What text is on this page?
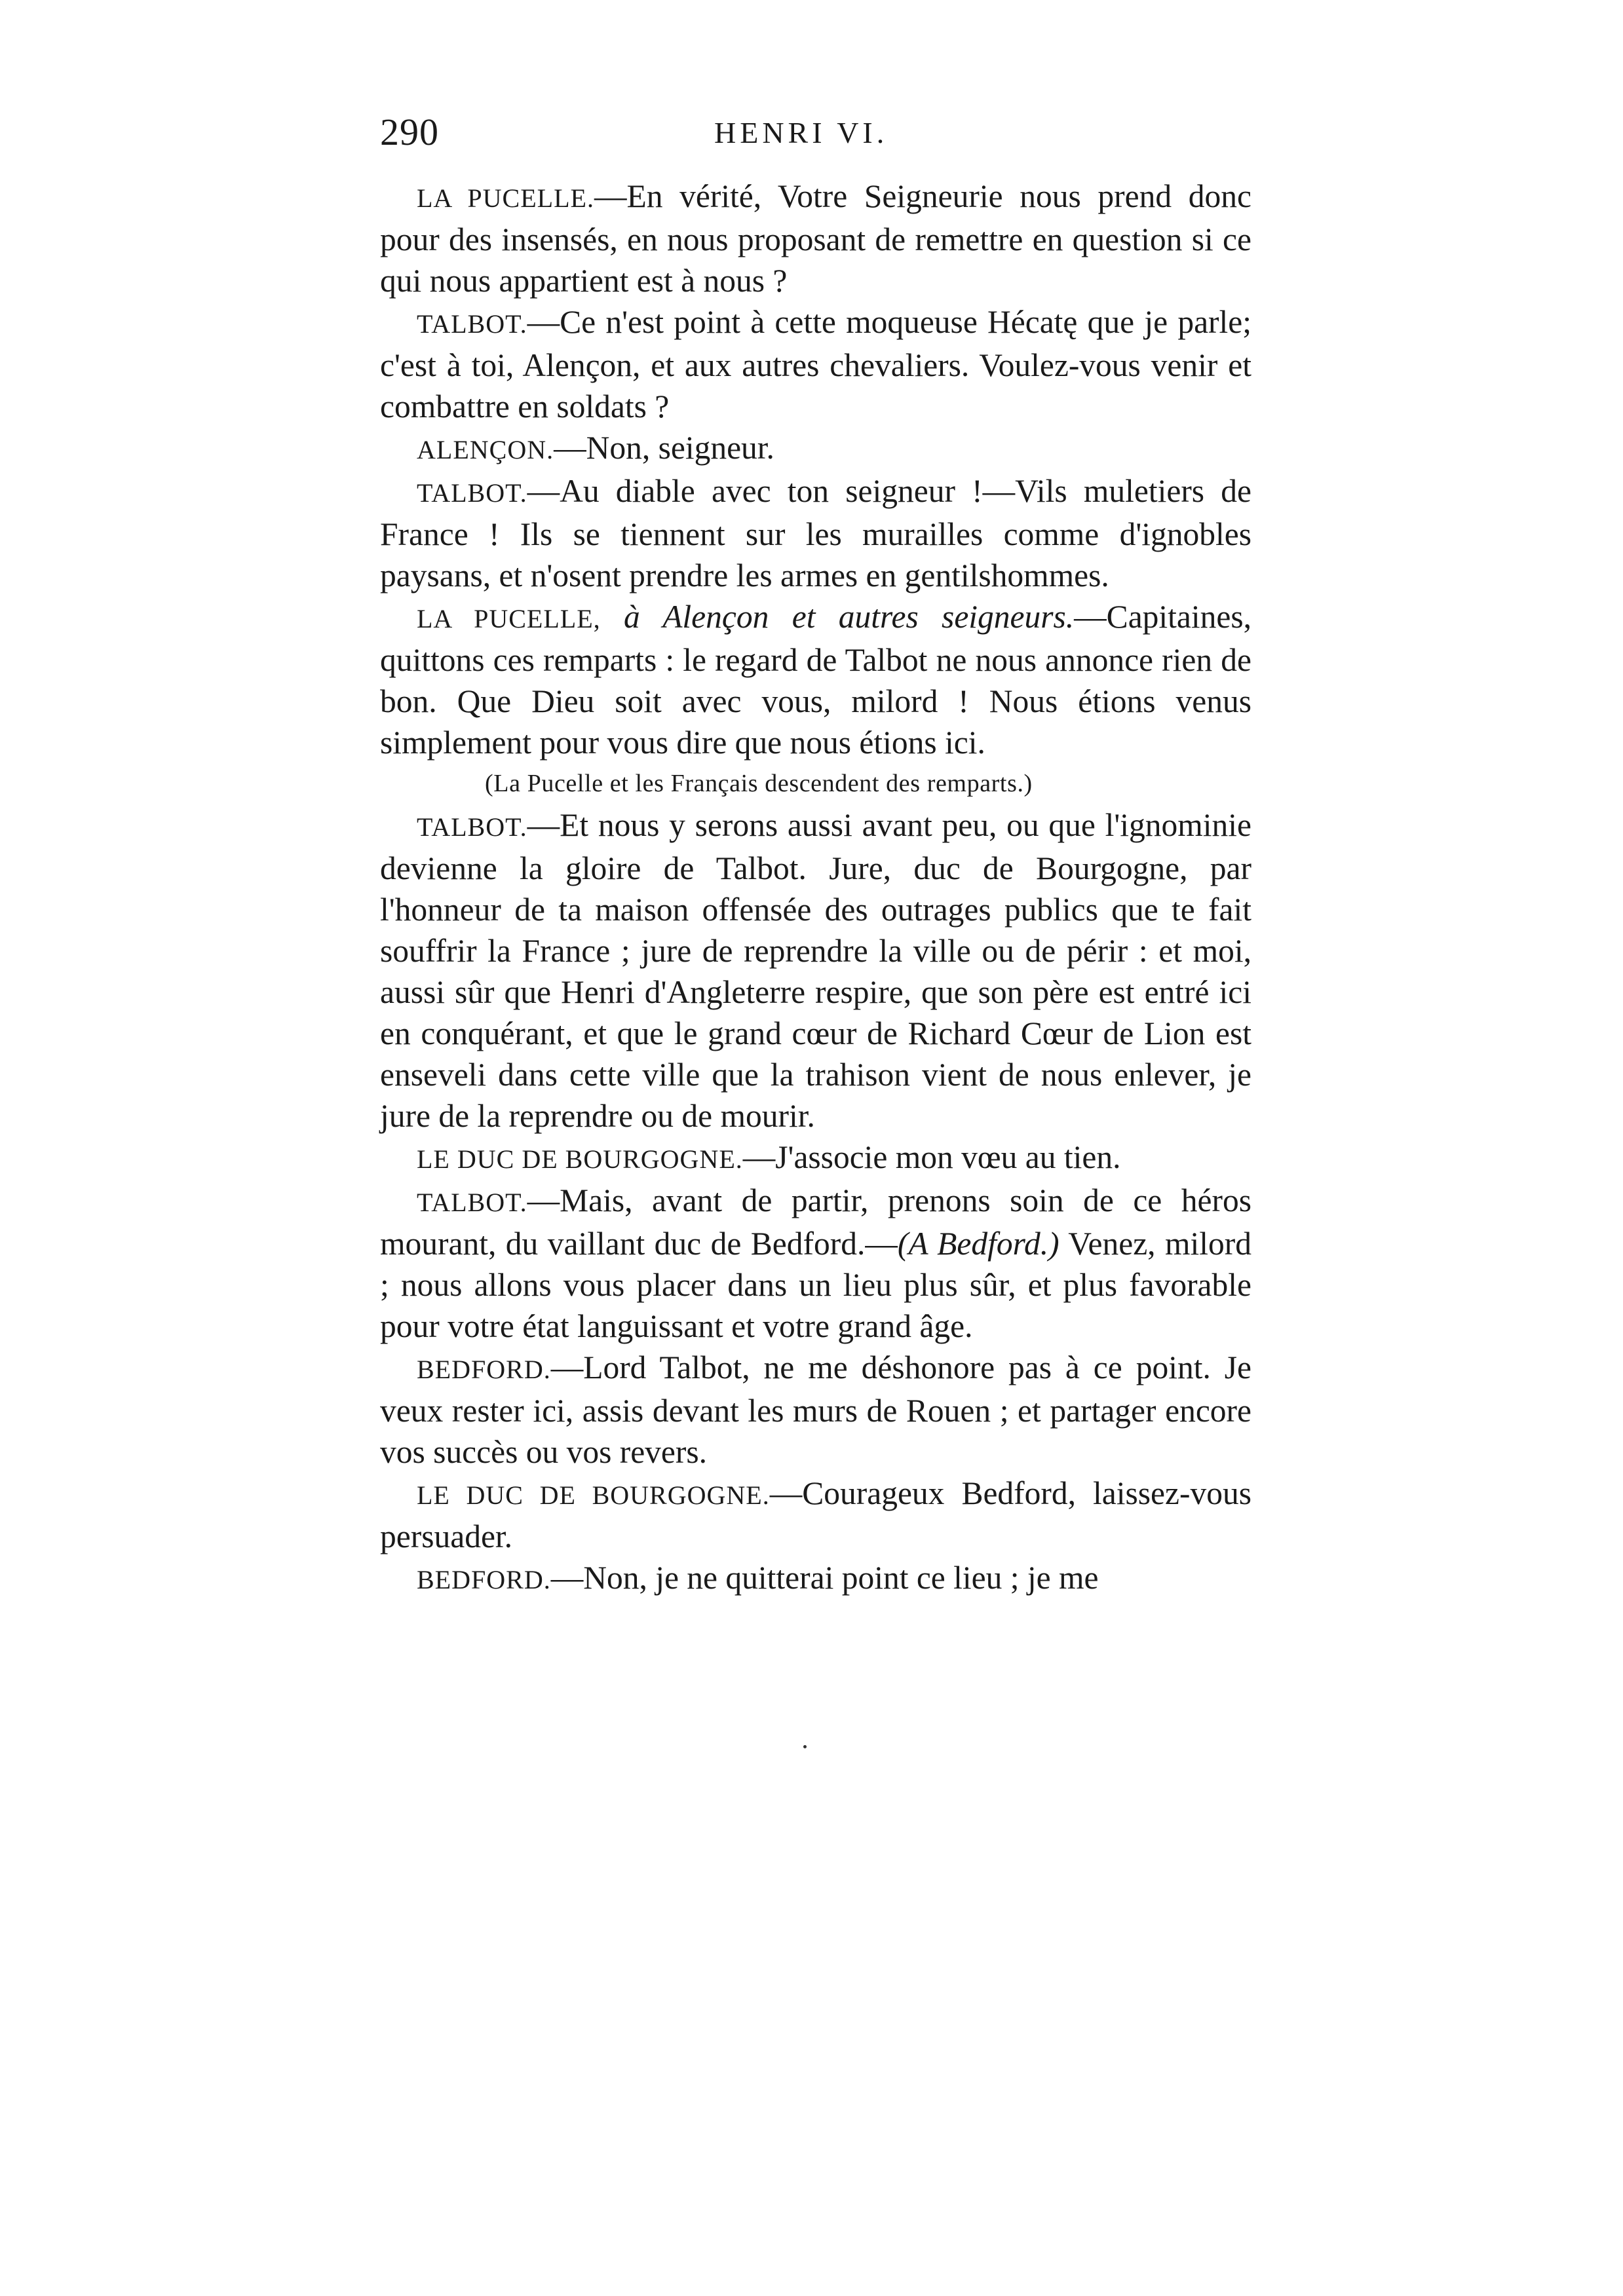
290	HENRI VI.

LA PUCELLE.—En vérité, Votre Seigneurie nous prend donc pour des insensés, en nous proposant de remettre en question si ce qui nous appartient est à nous ?

TALBOT.—Ce n'est point à cette moqueuse Hécatę que je parle; c'est à toi, Alençon, et aux autres chevaliers. Voulez-vous venir et combattre en soldats ?

ALENÇON.—Non, seigneur.

TALBOT.—Au diable avec ton seigneur !—Vils muletiers de France ! Ils se tiennent sur les murailles comme d'ignobles paysans, et n'osent prendre les armes en gentilshommes.

LA PUCELLE, à Alençon et autres seigneurs.—Capitaines, quittons ces remparts : le regard de Talbot ne nous annonce rien de bon. Que Dieu soit avec vous, milord ! Nous étions venus simplement pour vous dire que nous étions ici.

(La Pucelle et les Français descendent des remparts.)

TALBOT.—Et nous y serons aussi avant peu, ou que l'ignominie devienne la gloire de Talbot. Jure, duc de Bourgogne, par l'honneur de ta maison offensée des outrages publics que te fait souffrir la France ; jure de reprendre la ville ou de périr : et moi, aussi sûr que Henri d'Angleterre respire, que son père est entré ici en conquérant, et que le grand cœur de Richard Cœur de Lion est enseveli dans cette ville que la trahison vient de nous enlever, je jure de la reprendre ou de mourir.

LE DUC DE BOURGOGNE.—J'associe mon vœu au tien.

TALBOT.—Mais, avant de partir, prenons soin de ce héros mourant, du vaillant duc de Bedford.—(A Bedford.) Venez, milord ; nous allons vous placer dans un lieu plus sûr, et plus favorable pour votre état languissant et votre grand âge.

BEDFORD.—Lord Talbot, ne me déshonore pas à ce point. Je veux rester ici, assis devant les murs de Rouen ; et partager encore vos succès ou vos revers.

LE DUC DE BOURGOGNE.—Courageux Bedford, laissez-vous persuader.

BEDFORD.—Non, je ne quitterai point ce lieu ; je me
